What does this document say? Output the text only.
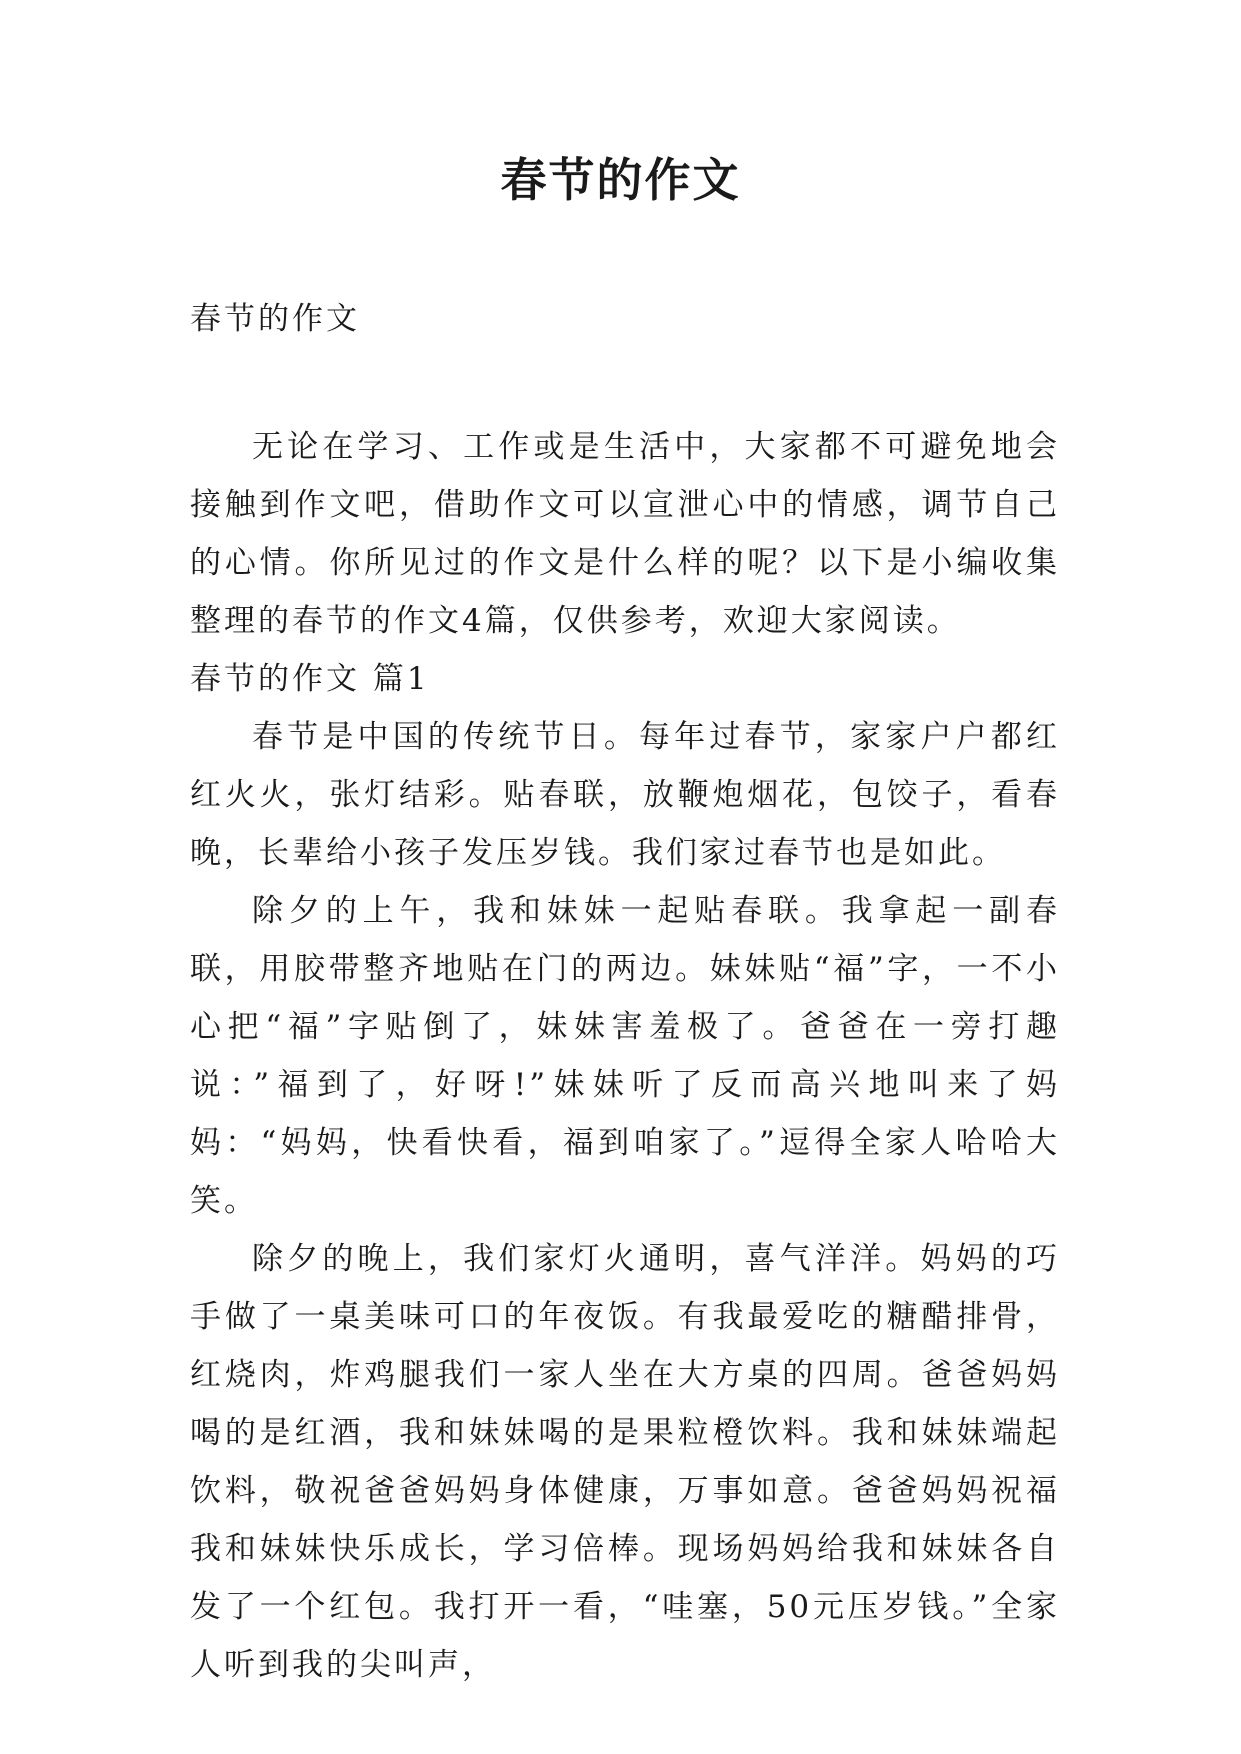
春节的作文
春节的作文

无论在学习、工作或是生活中，大家都不可避免地会接触到作文吧，借助作文可以宣泄心中的情感，调节自己的心情。你所见过的作文是什么样的呢？以下是小编收集整理的春节的作文4篇，仅供参考，欢迎大家阅读。

春节的作文 篇1

春节是中国的传统节日。每年过春节，家家户户都红红火火，张灯结彩。贴春联，放鞭炮烟花，包饺子，看春晚，长辈给小孩子发压岁钱。我们家过春节也是如此。

除夕的上午，我和妹妹一起贴春联。我拿起一副春联，用胶带整齐地贴在门的两边。妹妹贴“福”字，一不小心把“福”字贴倒了，妹妹害羞极了。爸爸在一旁打趣说：”福到了，好呀!”妹妹听了反而高兴地叫来了妈妈：“妈妈，快看快看，福到咱家了。”逗得全家人哈哈大笑。

除夕的晚上，我们家灯火通明，喜气洋洋。妈妈的巧手做了一桌美味可口的年夜饭。有我最爱吃的糖醋排骨，红烧肉，炸鸡腿我们一家人坐在大方桌的四周。爸爸妈妈喝的是红酒，我和妹妹喝的是果粒橙饮料。我和妹妹端起饮料，敬祝爸爸妈妈身体健康，万事如意。爸爸妈妈祝福我和妹妹快乐成长，学习倍棒。现场妈妈给我和妹妹各自发了一个红包。我打开一看，“哇塞，50元压岁钱。”全家人听到我的尖叫声，
